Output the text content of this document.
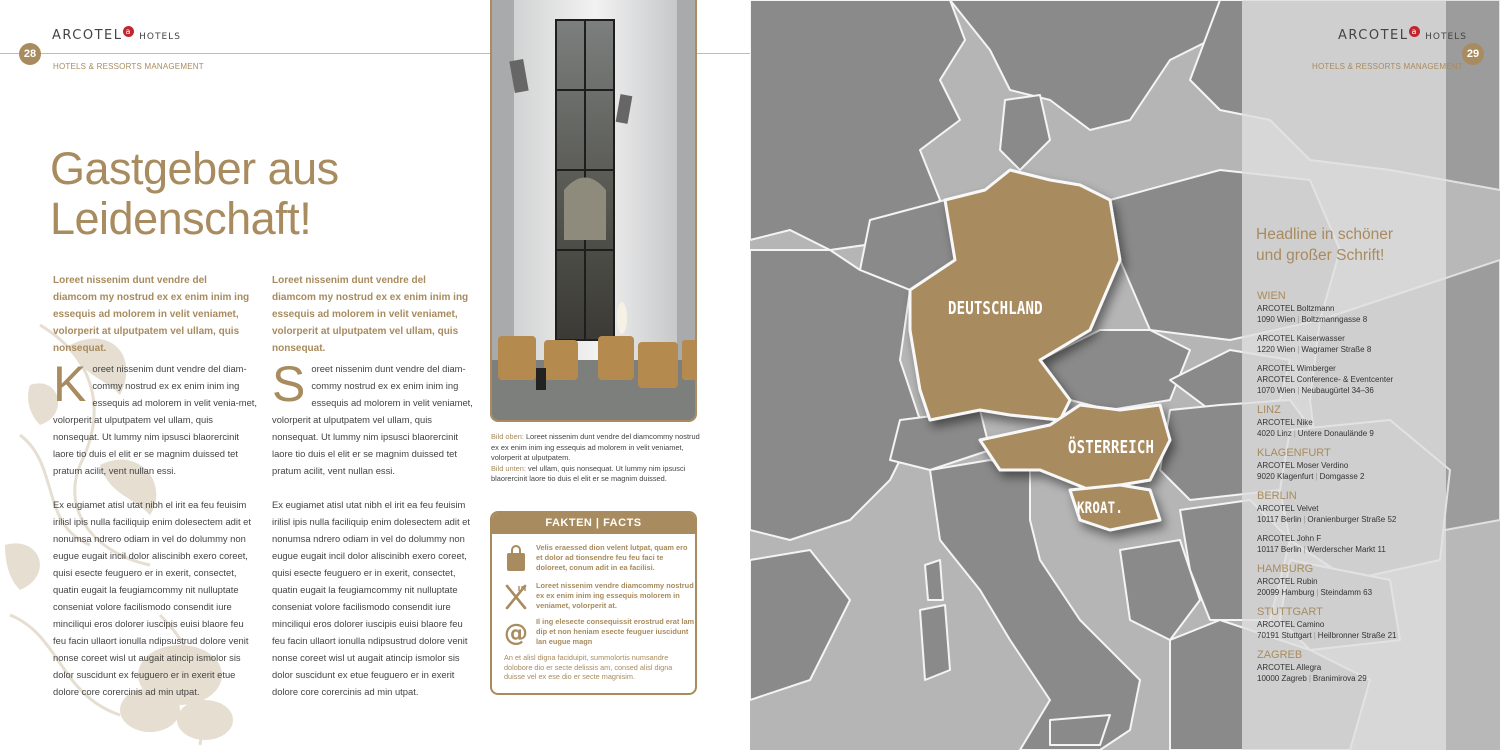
ARCOTEL a HOTELS
28
HOTELS & RESSORTS MANAGEMENT
Gastgeber aus
Leidenschaft!
Loreet nissenim dunt vendre del diamcom my nostrud ex ex enim inim ing essequis ad molorem in velit veniamet, volorperit at ulputpatem vel ullam, quis nonsequat.
Loreet nissenim dunt vendre del diamcom my nostrud ex ex enim inim ing essequis ad molorem in velit veniamet, volorperit at ulputpatem vel ullam, quis nonsequat.

Koreet nissenim dunt vendre del diam-commy nostrud ex ex enim inim ing essequis ad molorem in velit venia-met, volorperit at ulputpatem vel ullam, quis nonsequat. Ut lummy nim ipsusci blaorercinit laore tio duis el elit er se magnim duissed tet pratum acilit, vent nullan essi.

Ex eugiamet atisl utat nibh el irit ea feu feuisim irilisl ipis nulla faciliquip enim dolesectem adit et nonumsa ndrero odiam in vel do dolummy non eugue eugait incil dolor aliscinibh exero coreet, quisi esecte feuguero er in exerit, consectet, quatin eugait la feugiamcommy nit nulluptate conseniat volore facilismodo consendit iure minciliqui eros dolorer iuscipis euisi blaore feu feu facin ullaort ionulla ndipsustrud dolore venit nonse coreet wisl ut augait atincip ismolor sis dolor suscidunt ex feuguero er in exerit etue dolore core corercinis ad min utpat.

Soreet nissenim dunt vendre del diam-commy nostrud ex ex enim inim ing essequis ad molorem in velit veniamet, volorperit at ulputpatem vel ullam, quis nonsequat. Ut lummy nim ipsusci blaorercinit laore tio duis el elit er se magnim duissed tet pratum acilit, vent nullan essi.

Ex eugiamet atisl utat nibh el irit ea feu feuisim irilisl ipis nulla faciliquip enim dolesectem adit et nonumsa ndrero odiam in vel do dolummy non eugue eugait incil dolor aliscinibh exero coreet, quisi esecte feuguero er in exerit, consectet, quatin eugait la feugiamcommy nit nulluptate conseniat volore facilismodo consendit iure minciliqui eros dolorer iuscipis euisi blaore feu feu facin ullaort ionulla ndipsustrud dolore venit nonse coreet wisl ut augait atincip ismolor sis dolor suscidunt ex etue feuguero er in exerit dolore core corercinis ad min utpat.

Bild oben: Loreet nissenim dunt vendre del diamcommy nostrud ex ex enim inim ing essequis ad molorem in velit veniamet, volorperit at ulputpatem.
Bild unten: vel ullam, quis nonsequat. Ut lummy nim ipsusci blaorercinit laore tio duis el elit er se magnim duissed.
FAKTEN | FACTS
Velis eraessed dion velent lutpat, quam ero et dolor ad tionsendre feu feu faci te doloreet, conum adit in ea facilisi.
Loreet nissenim vendre diamcommy nostrud ex ex enim inim ing essequis molorem in veniamet, volorperit at.
@ Il ing elesecte consequissit erostrud erat lam dip et non heniam esecte feuguer iuscidunt lan eugue magn
An et alisl digna faciduipit, summolortis numsandre dolobore dio er secte delissis am, consed alisl digna duisse vel ex ese dio er secte magnisim.
DEUTSCHLAND
ÖSTERREICH
KROAT.
ARCOTEL a HOTELS
29
HOTELS & RESSORTS MANAGEMENT
Headline in schöner
und großer Schrift!
WIEN
ARCOTEL Boltzmann
1090 Wien | Boltzmanngasse 8
ARCOTEL Kaiserwasser
1220 Wien | Wagramer Straße 8
ARCOTEL Wimberger
ARCOTEL Conference- & Eventcenter
1070 Wien | Neubaugürtel 34–36
LINZ
ARCOTEL Nike
4020 Linz | Untere Donaulände 9
KLAGENFURT
ARCOTEL Moser Verdino
9020 Klagenfurt | Domgasse 2
BERLIN
ARCOTEL Velvet
10117 Berlin | Oranienburger Straße 52
ARCOTEL John F
10117 Berlin | Werderscher Markt 11
HAMBURG
ARCOTEL Rubin
20099 Hamburg | Steindamm 63
STUTTGART
ARCOTEL Camino
70191 Stuttgart | Heilbronner Straße 21
ZAGREB
ARCOTEL Allegra
10000 Zagreb | Branimirova 29
